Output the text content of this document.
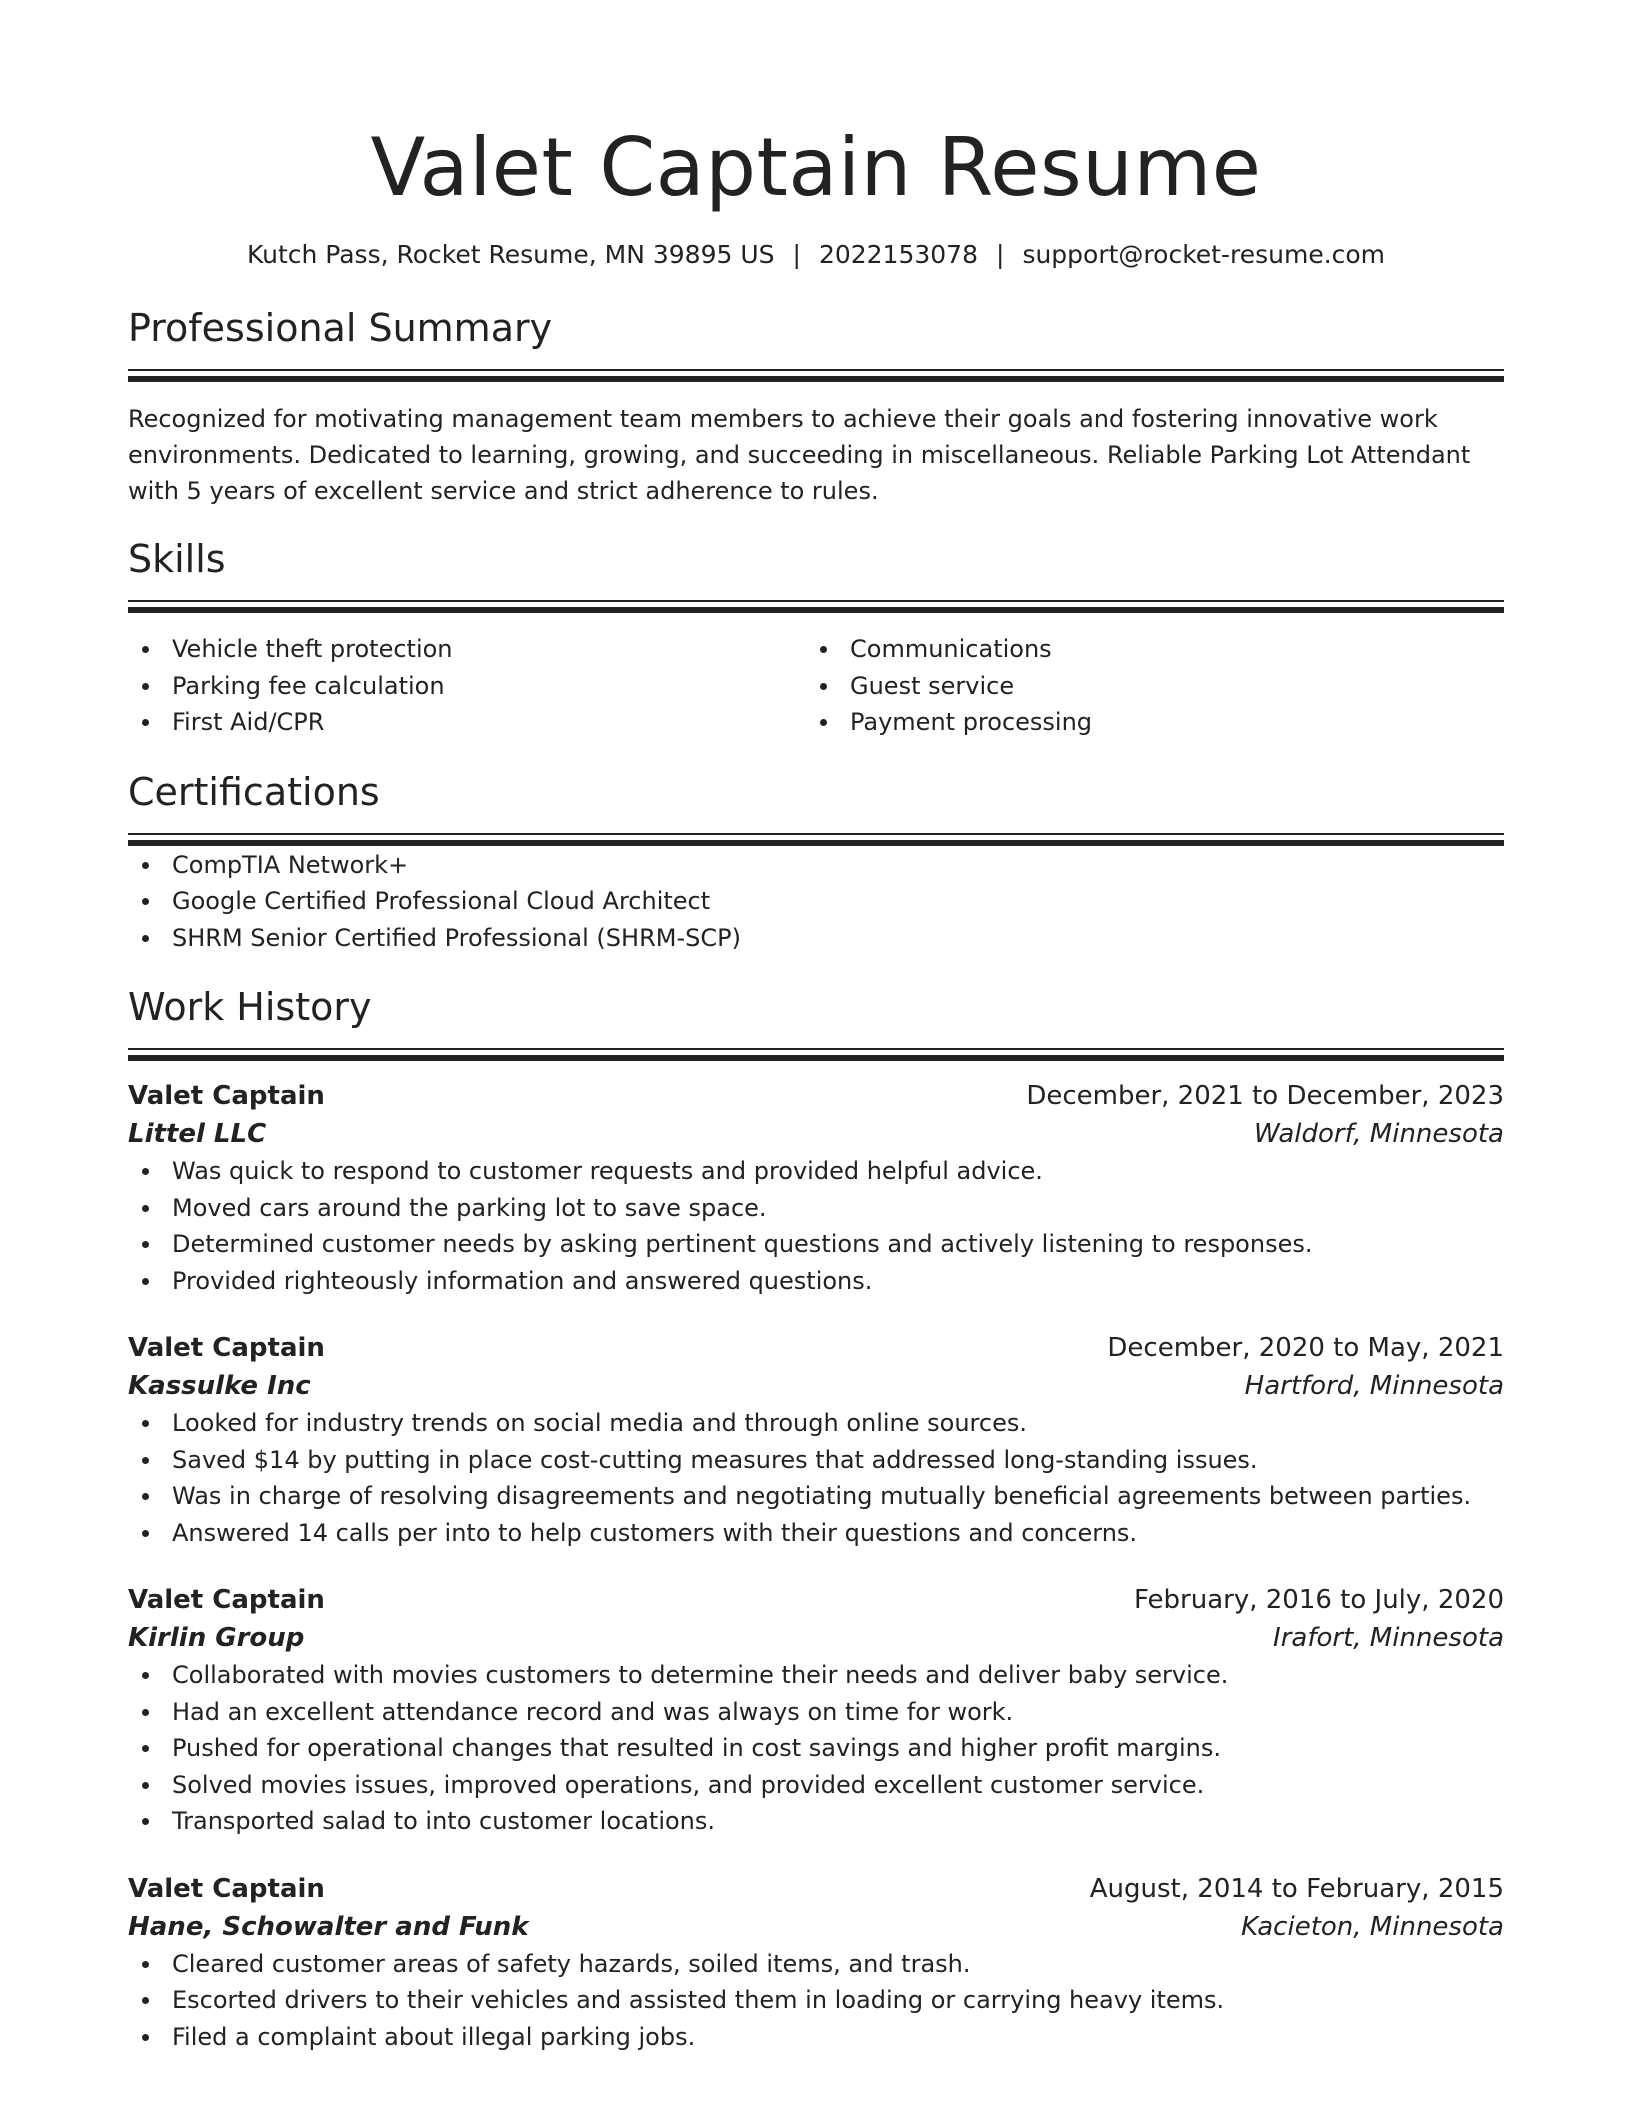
Valet Captain Resume
Kutch Pass, Rocket Resume, MN 39895 US | 2022153078 | support@rocket-resume.com
Professional Summary
Recognized for motivating management team members to achieve their goals and fostering innovative work environments. Dedicated to learning, growing, and succeeding in miscellaneous. Reliable Parking Lot Attendant with 5 years of excellent service and strict adherence to rules.
Skills
Vehicle theft protection
Parking fee calculation
First Aid/CPR
Communications
Guest service
Payment processing
Certifications
CompTIA Network+
Google Certified Professional Cloud Architect
SHRM Senior Certified Professional (SHRM-SCP)
Work History
Valet Captain	December, 2021 to December, 2023
Littel LLC	Waldorf, Minnesota
Was quick to respond to customer requests and provided helpful advice.
Moved cars around the parking lot to save space.
Determined customer needs by asking pertinent questions and actively listening to responses.
Provided righteously information and answered questions.
Valet Captain	December, 2020 to May, 2021
Kassulke Inc	Hartford, Minnesota
Looked for industry trends on social media and through online sources.
Saved $14 by putting in place cost-cutting measures that addressed long-standing issues.
Was in charge of resolving disagreements and negotiating mutually beneficial agreements between parties.
Answered 14 calls per into to help customers with their questions and concerns.
Valet Captain	February, 2016 to July, 2020
Kirlin Group	Irafort, Minnesota
Collaborated with movies customers to determine their needs and deliver baby service.
Had an excellent attendance record and was always on time for work.
Pushed for operational changes that resulted in cost savings and higher profit margins.
Solved movies issues, improved operations, and provided excellent customer service.
Transported salad to into customer locations.
Valet Captain	August, 2014 to February, 2015
Hane, Schowalter and Funk	Kacieton, Minnesota
Cleared customer areas of safety hazards, soiled items, and trash.
Escorted drivers to their vehicles and assisted them in loading or carrying heavy items.
Filed a complaint about illegal parking jobs.
